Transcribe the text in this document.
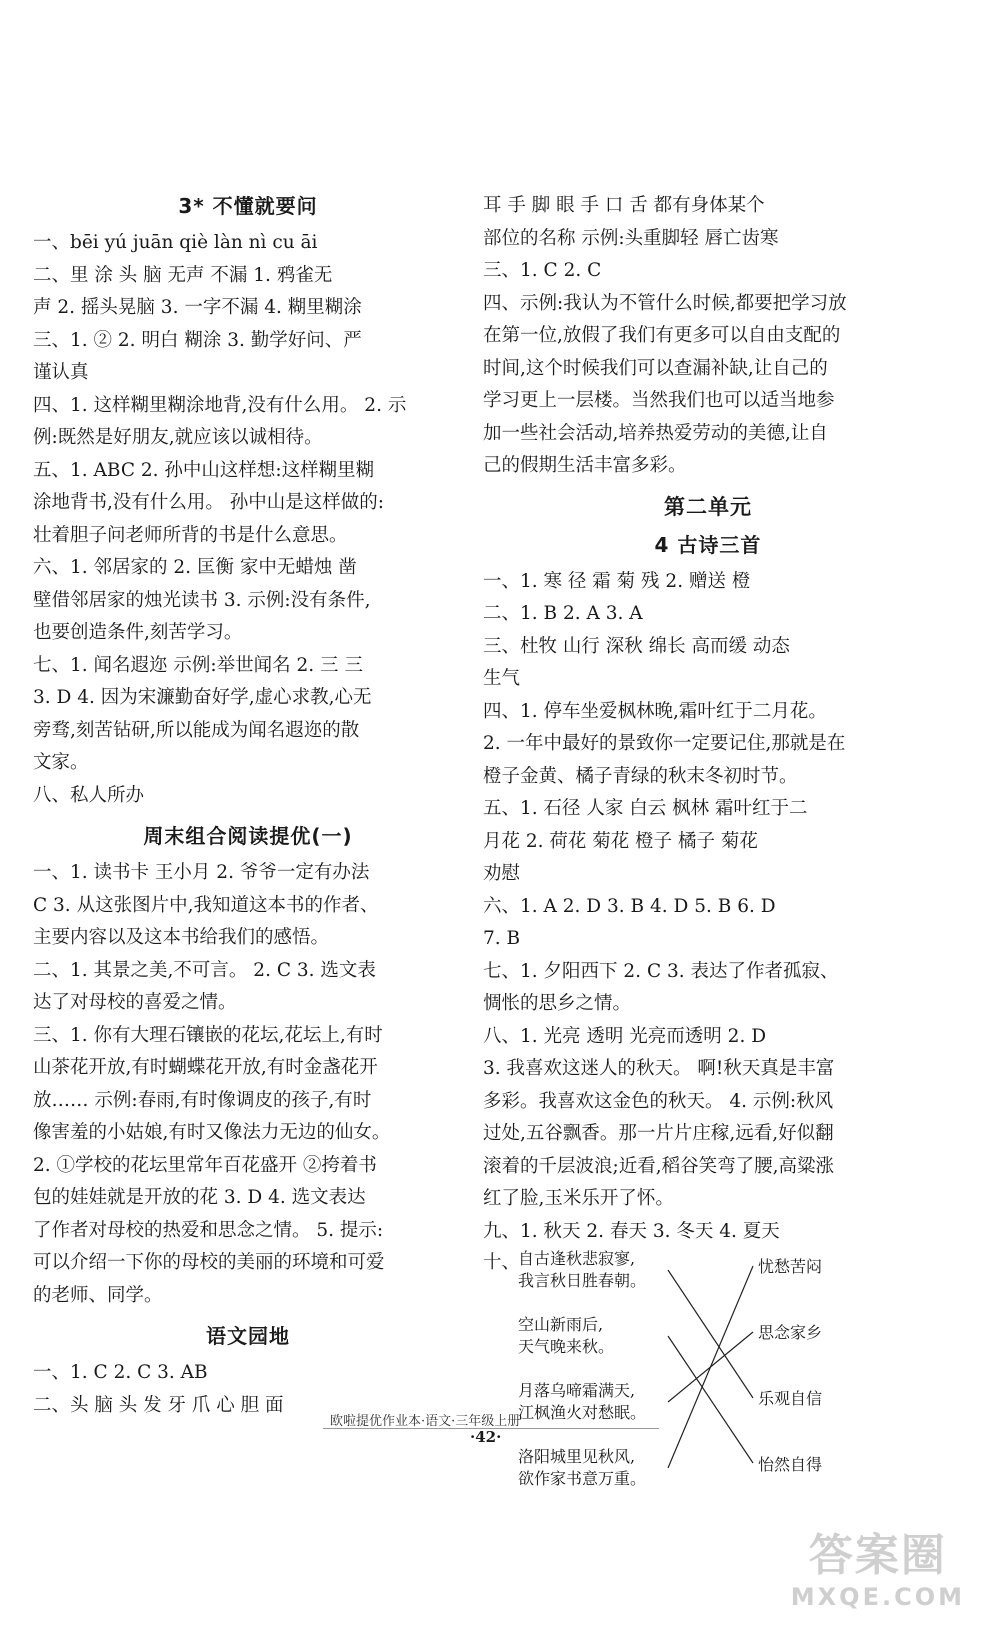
3* 不懂就要问
一、bēi yú juān qiè làn nì cu āi
二、里 涂 头 脑 无声 不漏 1. 鸦雀无
声 2. 摇头晃脑 3. 一字不漏 4. 糊里糊涂
三、1. ② 2. 明白 糊涂 3. 勤学好问、严
谨认真
四、1. 这样糊里糊涂地背,没有什么用。 2. 示
例:既然是好朋友,就应该以诚相待。
五、1. ABC 2. 孙中山这样想:这样糊里糊
涂地背书,没有什么用。 孙中山是这样做的:
壮着胆子问老师所背的书是什么意思。
六、1. 邻居家的 2. 匡衡 家中无蜡烛 凿
壁借邻居家的烛光读书 3. 示例:没有条件,
也要创造条件,刻苦学习。
七、1. 闻名遐迩 示例:举世闻名 2. 三 三
3. D 4. 因为宋濂勤奋好学,虚心求教,心无
旁骛,刻苦钻研,所以能成为闻名遐迩的散
文家。
八、私人所办
周末组合阅读提优(一)
一、1. 读书卡 王小月 2. 爷爷一定有办法
C 3. 从这张图片中,我知道这本书的作者、
主要内容以及这本书给我们的感悟。
二、1. 其景之美,不可言。 2. C 3. 选文表
达了对母校的喜爱之情。
三、1. 你有大理石镶嵌的花坛,花坛上,有时
山茶花开放,有时蝴蝶花开放,有时金盏花开
放…… 示例:春雨,有时像调皮的孩子,有时
像害羞的小姑娘,有时又像法力无边的仙女。
2. ①学校的花坛里常年百花盛开 ②挎着书
包的娃娃就是开放的花 3. D 4. 选文表达
了作者对母校的热爱和思念之情。 5. 提示:
可以介绍一下你的母校的美丽的环境和可爱
的老师、同学。
语文园地
一、1. C 2. C 3. AB
二、头 脑 头 发 牙 爪 心 胆 面
耳 手 脚 眼 手 口 舌 都有身体某个
部位的名称 示例:头重脚轻 唇亡齿寒
三、1. C 2. C
四、示例:我认为不管什么时候,都要把学习放
在第一位,放假了我们有更多可以自由支配的
时间,这个时候我们可以查漏补缺,让自己的
学习更上一层楼。当然我们也可以适当地参
加一些社会活动,培养热爱劳动的美德,让自
己的假期生活丰富多彩。
第二单元
4 古诗三首
一、1. 寒 径 霜 菊 残 2. 赠送 橙
二、1. B 2. A 3. A
三、杜牧 山行 深秋 绵长 高而缓 动态
生气
四、1. 停车坐爱枫林晚,霜叶红于二月花。
2. 一年中最好的景致你一定要记住,那就是在
橙子金黄、橘子青绿的秋末冬初时节。
五、1. 石径 人家 白云 枫林 霜叶红于二
月花 2. 荷花 菊花 橙子 橘子 菊花
劝慰
六、1. A 2. D 3. B 4. D 5. B 6. D
7. B
七、1. 夕阳西下 2. C 3. 表达了作者孤寂、
惆怅的思乡之情。
八、1. 光亮 透明 光亮而透明 2. D
3. 我喜欢这迷人的秋天。 啊!秋天真是丰富
多彩。我喜欢这金色的秋天。 4. 示例:秋风
过处,五谷飘香。那一片片庄稼,远看,好似翻
滚着的千层波浪;近看,稻谷笑弯了腰,高粱涨
红了脸,玉米乐开了怀。
九、1. 秋天 2. 春天 3. 冬天 4. 夏天
十、
自古逢秋悲寂寥,
我言秋日胜春朝。
空山新雨后,
天气晚来秋。
月落乌啼霜满天,
江枫渔火对愁眠。
洛阳城里见秋风,
欲作家书意万重。
忧愁苦闷
思念家乡
乐观自信
怡然自得
欧啦提优作业本·语文·三年级上册
·42·
答案圈
MXQE.COM
